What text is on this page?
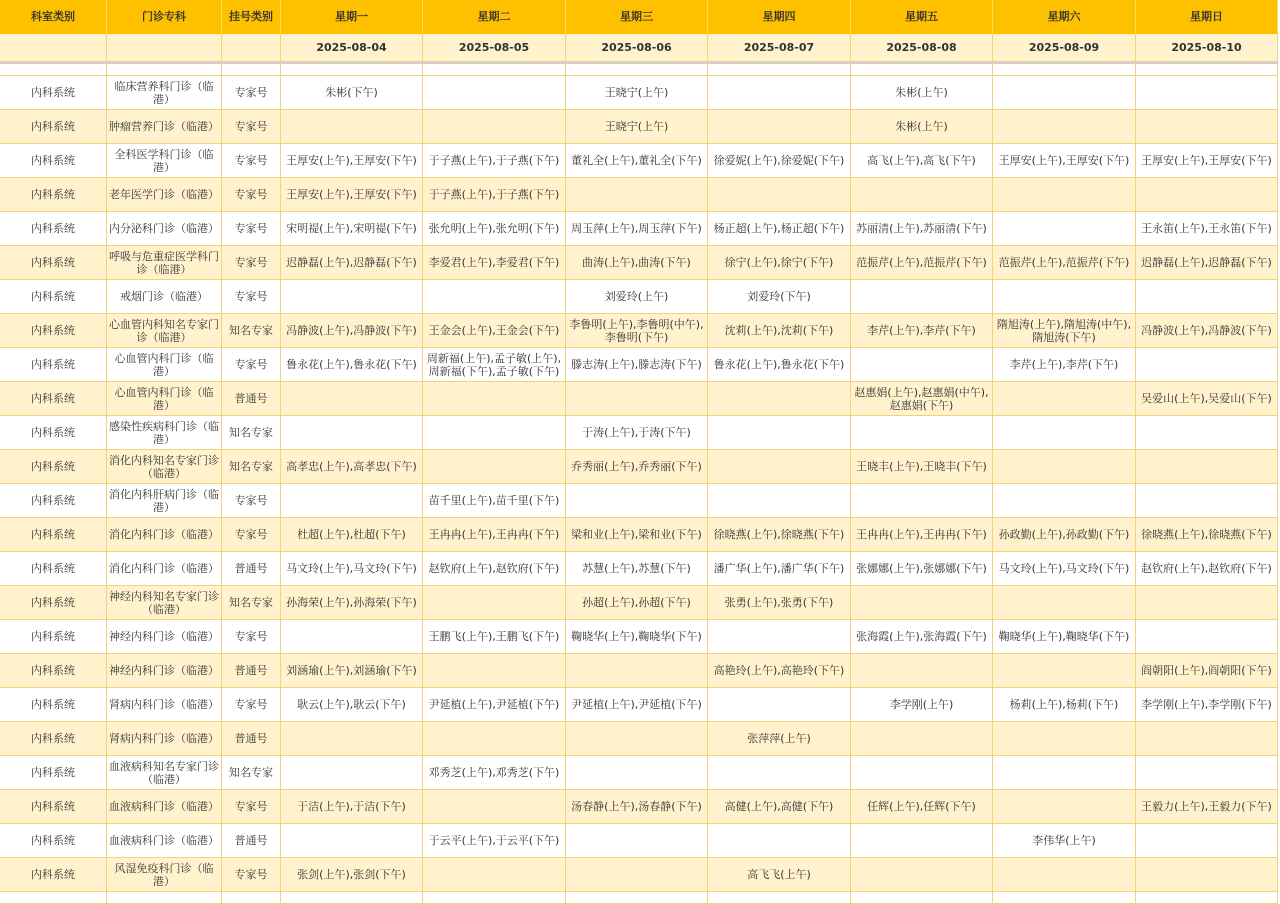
科室类别	门诊专科	挂号类别	星期一	星期二	星期三	星期四	星期五	星期六	星期日
			2025-08-04	2025-08-05	2025-08-06	2025-08-07	2025-08-08	2025-08-09	2025-08-10

内科系统	临床营养科门诊（临港）	专家号	朱彬(下午)		王晓宁(上午)		朱彬(上午)		
内科系统	肿瘤营养门诊（临港）	专家号			王晓宁(上午)		朱彬(上午)		
内科系统	全科医学科门诊（临港）	专家号	王厚安(上午),王厚安(下午)	于子燕(上午),于子燕(下午)	董礼全(上午),董礼全(下午)	徐爱妮(上午),徐爱妮(下午)	高飞(上午),高飞(下午)	王厚安(上午),王厚安(下午)	王厚安(上午),王厚安(下午)
内科系统	老年医学门诊（临港）	专家号	王厚安(上午),王厚安(下午)	于子燕(上午),于子燕(下午)					
内科系统	内分泌科门诊（临港）	专家号	宋明禔(上午),宋明禔(下午)	张允明(上午),张允明(下午)	周玉萍(上午),周玉萍(下午)	杨正超(上午),杨正超(下午)	苏丽清(上午),苏丽清(下午)		王永笛(上午),王永笛(下午)
内科系统	呼吸与危重症医学科门诊（临港）	专家号	迟静磊(上午),迟静磊(下午)	李爱君(上午),李爱君(下午)	曲涛(上午),曲涛(下午)	徐宁(上午),徐宁(下午)	范振芹(上午),范振芹(下午)	范振芹(上午),范振芹(下午)	迟静磊(上午),迟静磊(下午)
内科系统	戒烟门诊（临港）	专家号			刘爱玲(上午)	刘爱玲(下午)			
内科系统	心血管内科知名专家门诊（临港）	知名专家	冯静波(上午),冯静波(下午)	王金会(上午),王金会(下午)	李鲁明(上午),李鲁明(中午),李鲁明(下午)	沈莉(上午),沈莉(下午)	李芹(上午),李芹(下午)	隋旭涛(上午),隋旭涛(中午),隋旭涛(下午)	冯静波(上午),冯静波(下午)
内科系统	心血管内科门诊（临港）	专家号	鲁永花(上午),鲁永花(下午)	周新福(上午),孟子敏(上午),周新福(下午),孟子敏(下午)	滕志涛(上午),滕志涛(下午)	鲁永花(上午),鲁永花(下午)		李芹(上午),李芹(下午)	
内科系统	心血管内科门诊（临港）	普通号					赵惠娟(上午),赵惠娟(中午),赵惠娟(下午)		吴爱山(上午),吴爱山(下午)
内科系统	感染性疾病科门诊（临港）	知名专家			于涛(上午),于涛(下午)				
内科系统	消化内科知名专家门诊（临港）	知名专家	高孝忠(上午),高孝忠(下午)		乔秀丽(上午),乔秀丽(下午)		王晓丰(上午),王晓丰(下午)		
内科系统	消化内科肝病门诊（临港）	专家号		苗千里(上午),苗千里(下午)					
内科系统	消化内科门诊（临港）	专家号	杜超(上午),杜超(下午)	王冉冉(上午),王冉冉(下午)	梁和业(上午),梁和业(下午)	徐晓燕(上午),徐晓燕(下午)	王冉冉(上午),王冉冉(下午)	孙政勤(上午),孙政勤(下午)	徐晓燕(上午),徐晓燕(下午)
内科系统	消化内科门诊（临港）	普通号	马文玲(上午),马文玲(下午)	赵钦府(上午),赵钦府(下午)	苏慧(上午),苏慧(下午)	潘广华(上午),潘广华(下午)	张娜娜(上午),张娜娜(下午)	马文玲(上午),马文玲(下午)	赵钦府(上午),赵钦府(下午)
内科系统	神经内科知名专家门诊（临港）	知名专家	孙海荣(上午),孙海荣(下午)		孙超(上午),孙超(下午)	张勇(上午),张勇(下午)			
内科系统	神经内科门诊（临港）	专家号		王鹏飞(上午),王鹏飞(下午)	鞠晓华(上午),鞠晓华(下午)		张海霞(上午),张海霞(下午)	鞠晓华(上午),鞠晓华(下午)	
内科系统	神经内科门诊（临港）	普通号	刘涵瑜(上午),刘涵瑜(下午)			高艳玲(上午),高艳玲(下午)			阎朝阳(上午),阎朝阳(下午)
内科系统	肾病内科门诊（临港）	专家号	耿云(上午),耿云(下午)	尹延植(上午),尹延植(下午)	尹延植(上午),尹延植(下午)		李学刚(上午)	杨莉(上午),杨莉(下午)	李学刚(上午),李学刚(下午)
内科系统	肾病内科门诊（临港）	普通号				张萍萍(上午)			
内科系统	血液病科知名专家门诊（临港）	知名专家		邓秀芝(上午),邓秀芝(下午)					
内科系统	血液病科门诊（临港）	专家号	于洁(上午),于洁(下午)		汤春静(上午),汤春静(下午)	高健(上午),高健(下午)	任辉(上午),任辉(下午)		王毅力(上午),王毅力(下午)
内科系统	血液病科门诊（临港）	普通号		于云平(上午),于云平(下午)				李伟华(上午)	
内科系统	风湿免疫科门诊（临港）	专家号	张剑(上午),张剑(下午)			高飞飞(上午)			
